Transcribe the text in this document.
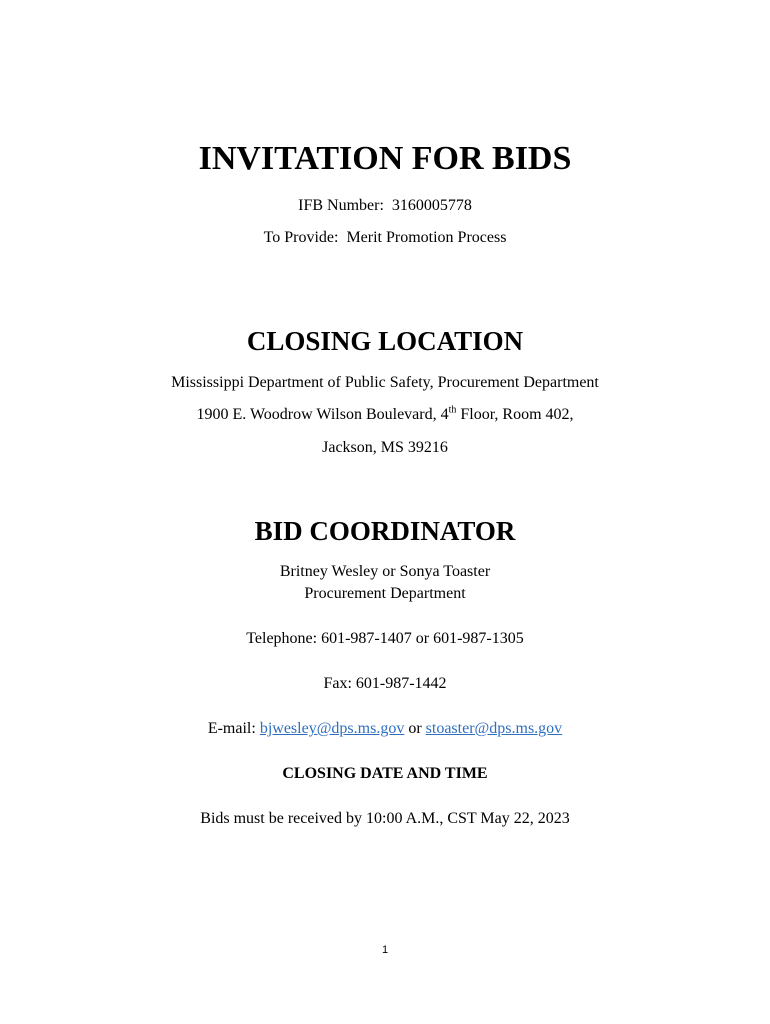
INVITATION FOR BIDS
IFB Number: 3160005778
To Provide: Merit Promotion Process
CLOSING LOCATION
Mississippi Department of Public Safety, Procurement Department
1900 E. Woodrow Wilson Boulevard, 4th Floor, Room 402,
Jackson, MS 39216
BID COORDINATOR
Britney Wesley or Sonya Toaster
Procurement Department
Telephone: 601-987-1407 or 601-987-1305
Fax: 601-987-1442
E-mail: bjwesley@dps.ms.gov or stoaster@dps.ms.gov
CLOSING DATE AND TIME
Bids must be received by 10:00 A.M., CST May 22, 2023
1
